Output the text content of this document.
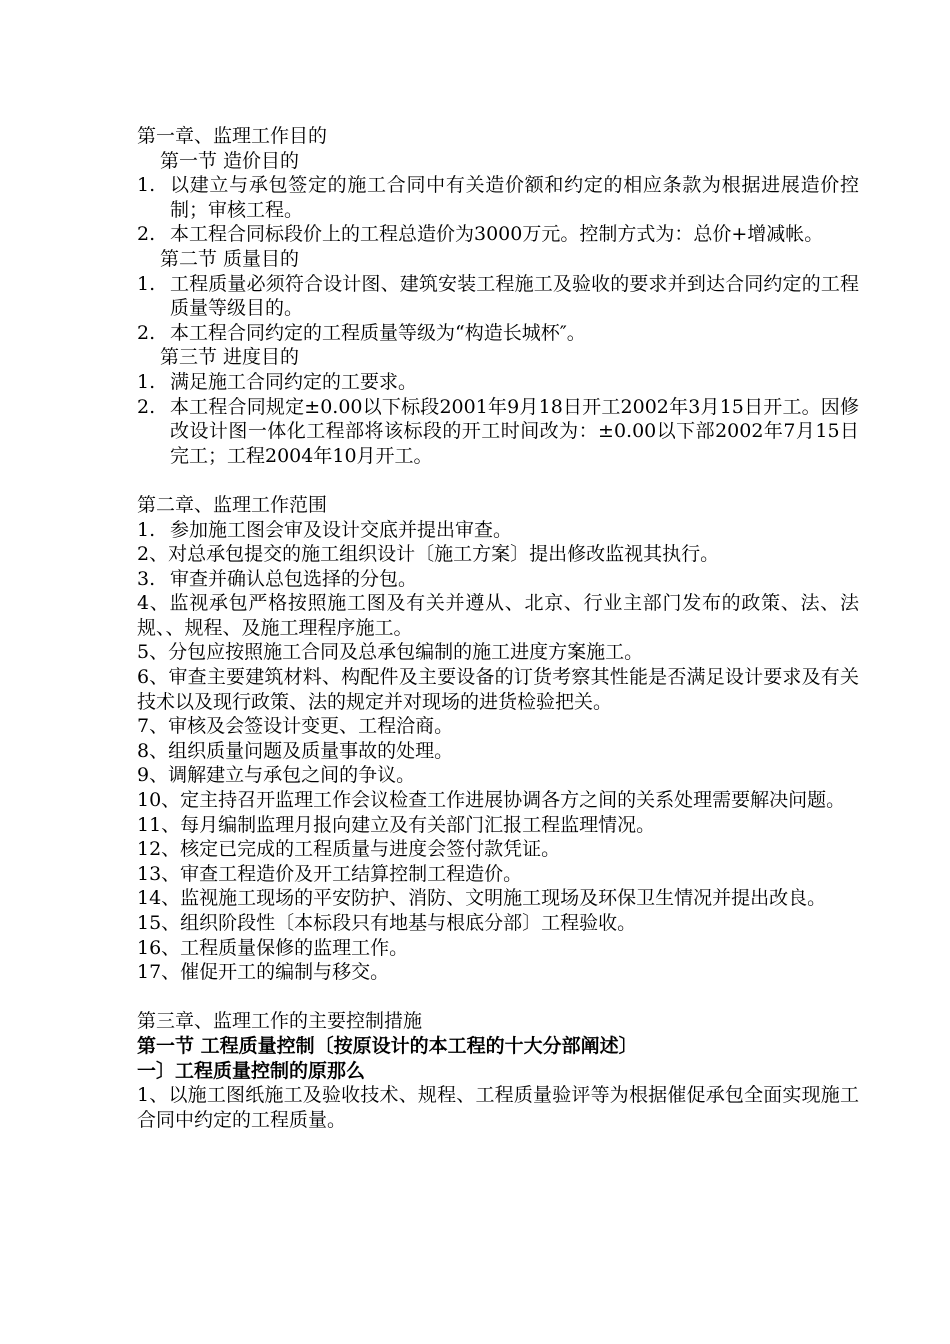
第一章、监理工作目的
第一节 造价目的
1. 以建立与承包签定的施工合同中有关造价额和约定的相应条款为根据进展造价控制；审核工程。
2. 本工程合同标段价上的工程总造价为3000万元。控制方式为：总价+增减帐。
第二节 质量目的
1. 工程质量必须符合设计图、建筑安装工程施工及验收的要求并到达合同约定的工程质量等级目的。
2. 本工程合同约定的工程质量等级为“构造长城杯″。
第三节 进度目的
1. 满足施工合同约定的工要求。
2. 本工程合同规定±0.00以下标段2001年9月18日开工2002年3月15日开工。因修改设计图一体化工程部将该标段的开工时间改为：±0.00以下部2002年7月15日完工；工程2004年10月开工。
第二章、监理工作范围
1. 参加施工图会审及设计交底并提出审查。
2、对总承包提交的施工组织设计〔施工方案〕提出修改监视其执行。
3. 审查并确认总包选择的分包。
4、监视承包严格按照施工图及有关并遵从、北京、行业主部门发布的政策、法、法规、、规程、及施工理程序施工。
5、分包应按照施工合同及总承包编制的施工进度方案施工。
6、审查主要建筑材料、构配件及主要设备的订货考察其性能是否满足设计要求及有关技术以及现行政策、法的规定并对现场的进货检验把关。
7、审核及会签设计变更、工程洽商。
8、组织质量问题及质量事故的处理。
9、调解建立与承包之间的争议。
10、定主持召开监理工作会议检查工作进展协调各方之间的关系处理需要解决问题。
11、每月编制监理月报向建立及有关部门汇报工程监理情况。
12、核定已完成的工程质量与进度会签付款凭证。
13、审查工程造价及开工结算控制工程造价。
14、监视施工现场的平安防护、消防、文明施工现场及环保卫生情况并提出改良。
15、组织阶段性〔本标段只有地基与根底分部〕工程验收。
16、工程质量保修的监理工作。
17、催促开工的编制与移交。
第三章、监理工作的主要控制措施
第一节 工程质量控制〔按原设计的本工程的十大分部阐述〕
一〕工程质量控制的原那么
1、以施工图纸施工及验收技术、规程、工程质量验评等为根据催促承包全面实现施工合同中约定的工程质量。
